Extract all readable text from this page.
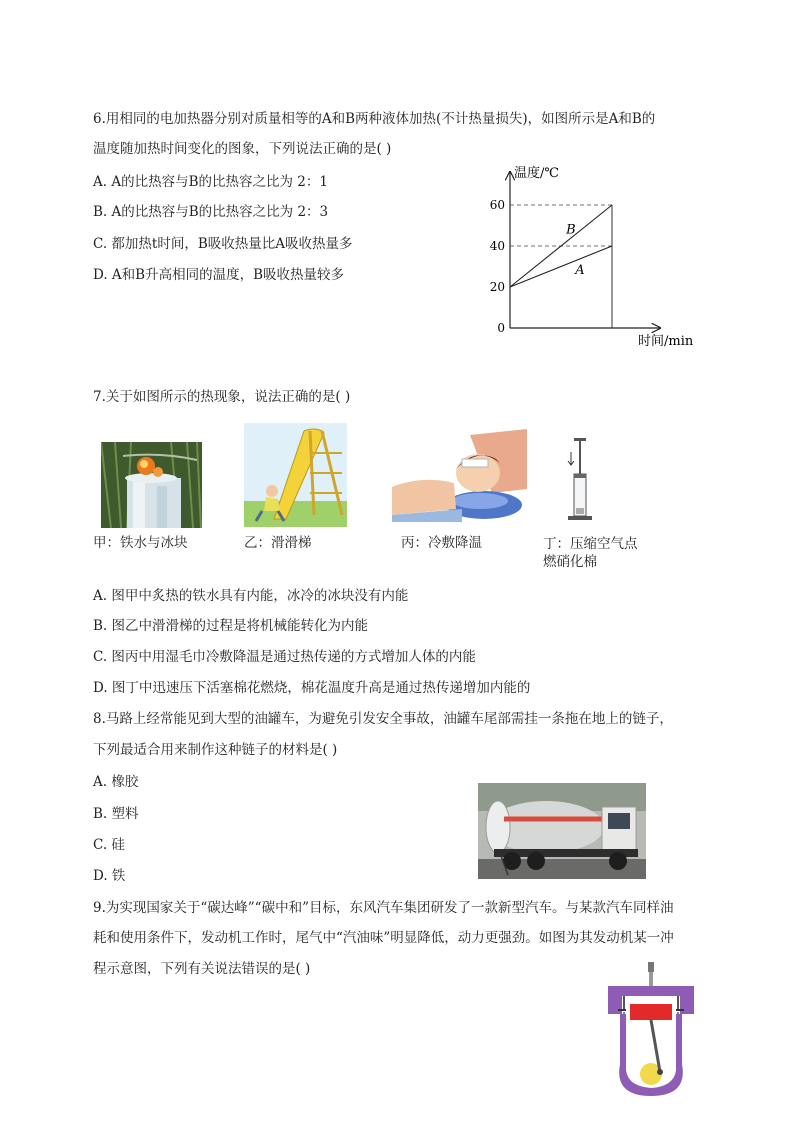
6.用相同的电加热器分别对质量相等的A和B两种液体加热(不计热量损失)，如图所示是A和B的
温度随加热时间变化的图象，下列说法正确的是( )
A. A的比热容与B的比热容之比为 2：1
B. A的比热容与B的比热容之比为 2：3
C. 都加热t时间，B吸收热量比A吸收热量多
D. A和B升高相同的温度，B吸收热量较多
温度/℃
时间/min
0
20
40
60
B
A
7.关于如图所示的热现象，说法正确的是( )
甲：铁水与冰块	乙：滑滑梯	丙：冷敷降温	丁：压缩空气点
燃硝化棉
A. 图甲中炙热的铁水具有内能，冰冷的冰块没有内能
B. 图乙中滑滑梯的过程是将机械能转化为内能
C. 图丙中用湿毛巾冷敷降温是通过热传递的方式增加人体的内能
D. 图丁中迅速压下活塞棉花燃烧，棉花温度升高是通过热传递增加内能的
8.马路上经常能见到大型的油罐车，为避免引发安全事故，油罐车尾部需挂一条拖在地上的链子，
下列最适合用来制作这种链子的材料是( )
A. 橡胶
B. 塑料
C. 硅
D. 铁
9.为实现国家关于“碳达峰”“碳中和”目标，东风汽车集团研发了一款新型汽车。与某款汽车同样油
耗和使用条件下，发动机工作时，尾气中“汽油味”明显降低，动力更强劲。如图为其发动机某一冲
程示意图，下列有关说法错误的是( )
